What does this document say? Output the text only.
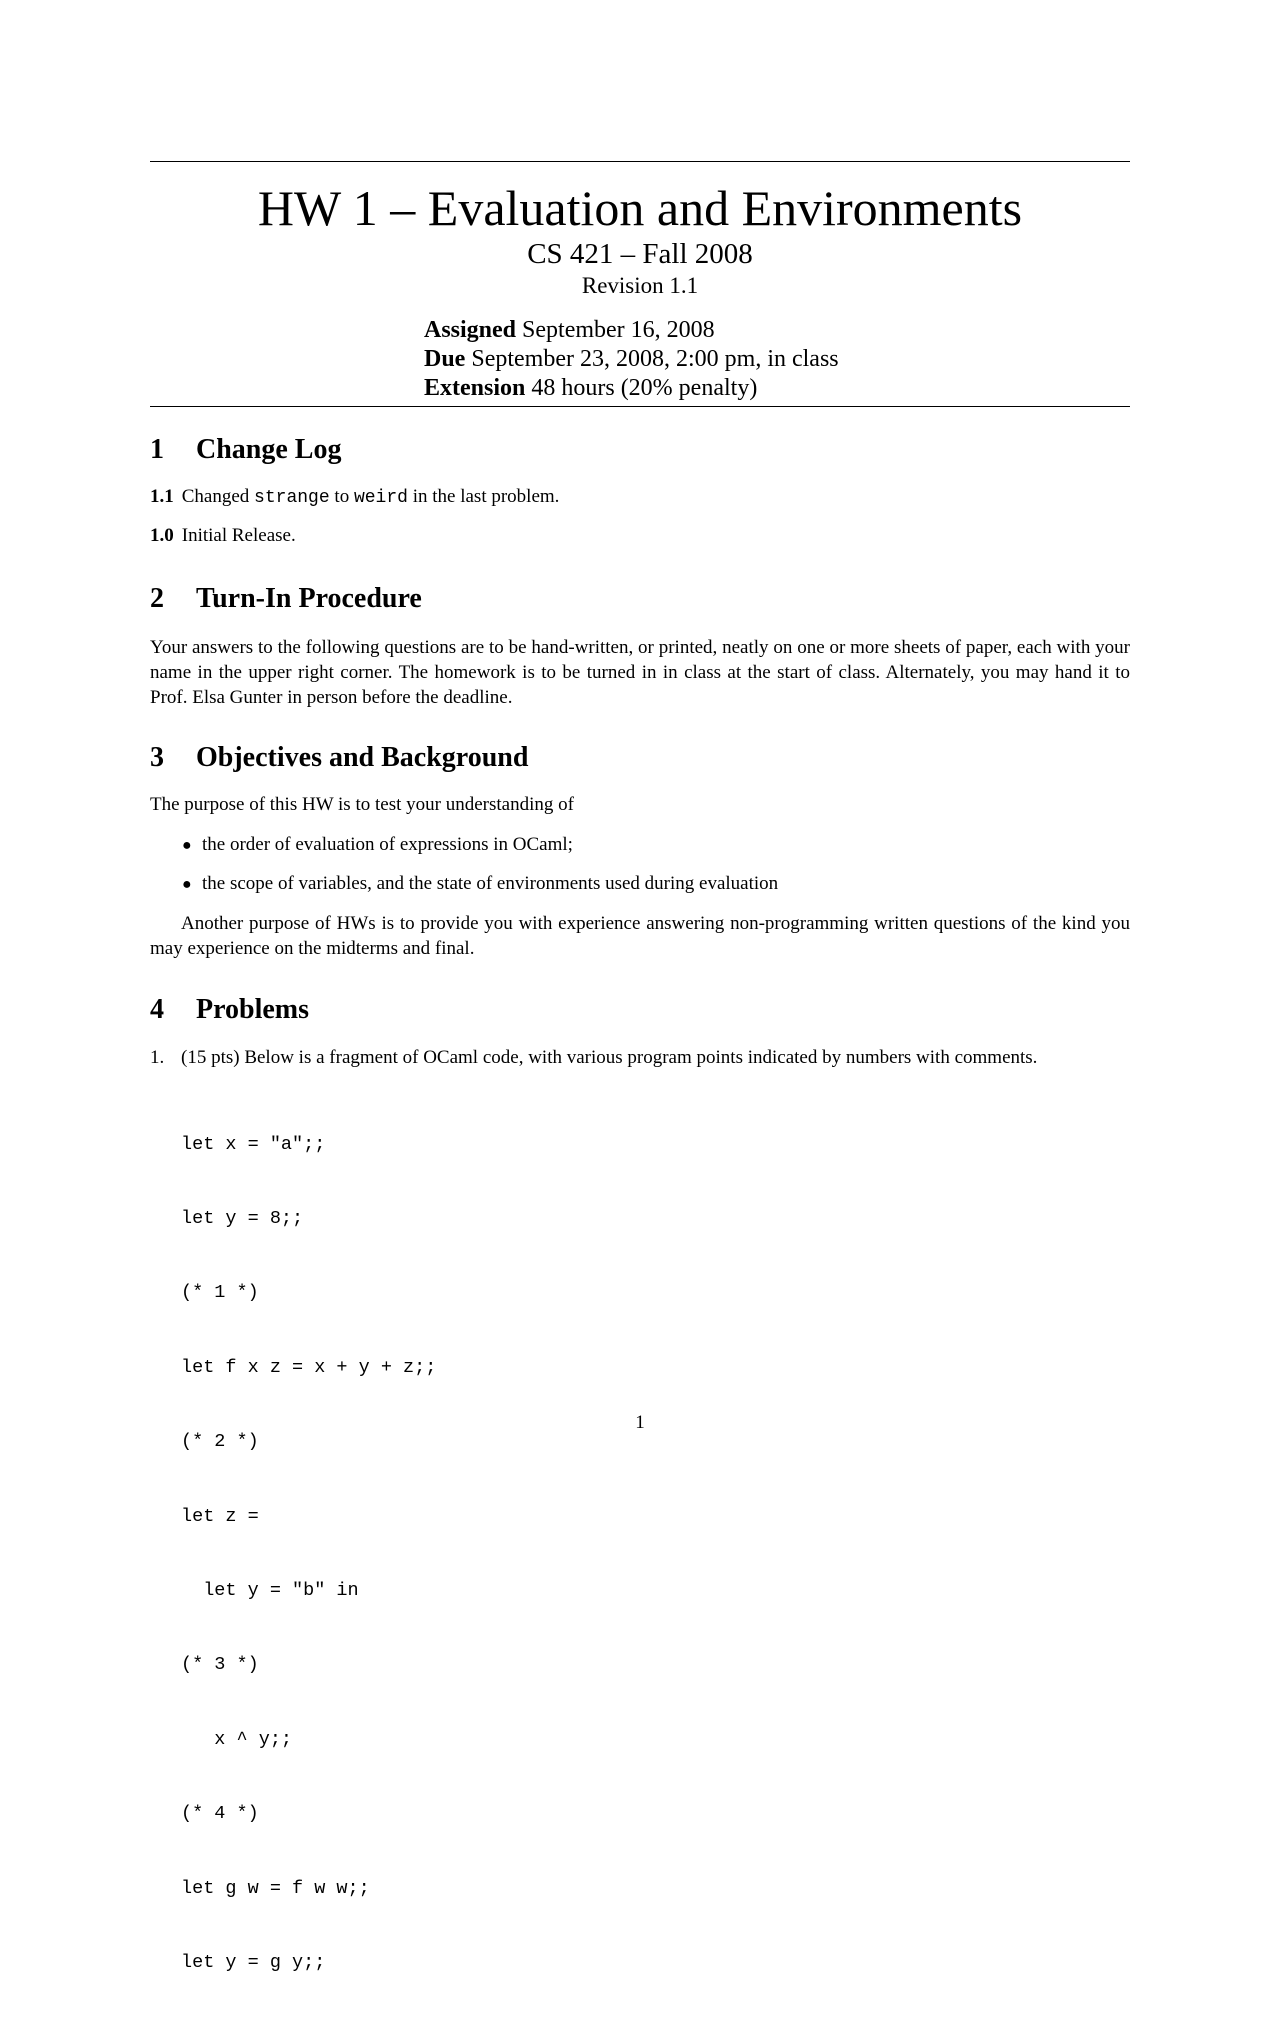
HW 1 – Evaluation and Environments
CS 421 – Fall 2008
Revision 1.1
Assigned September 16, 2008
Due September 23, 2008, 2:00 pm, in class
Extension 48 hours (20% penalty)
1 Change Log
1.1 Changed strange to weird in the last problem.
1.0 Initial Release.
2 Turn-In Procedure
Your answers to the following questions are to be hand-written, or printed, neatly on one or more sheets of paper, each with your name in the upper right corner. The homework is to be turned in in class at the start of class. Alternately, you may hand it to Prof. Elsa Gunter in person before the deadline.
3 Objectives and Background
The purpose of this HW is to test your understanding of
● the order of evaluation of expressions in OCaml;
● the scope of variables, and the state of environments used during evaluation
Another purpose of HWs is to provide you with experience answering non-programming written questions of the kind you may experience on the midterms and final.
4 Problems
1. (15 pts) Below is a fragment of OCaml code, with various program points indicated by numbers with comments.

let x = "a";;

let y = 8;;

(* 1 *)

let f x z = x + y + z;;

(* 2 *)

let z =

let y = "b" in

(* 3 *)

x ^ y;;

(* 4 *)

let g w = f w w;;

let y = g y;;

1
